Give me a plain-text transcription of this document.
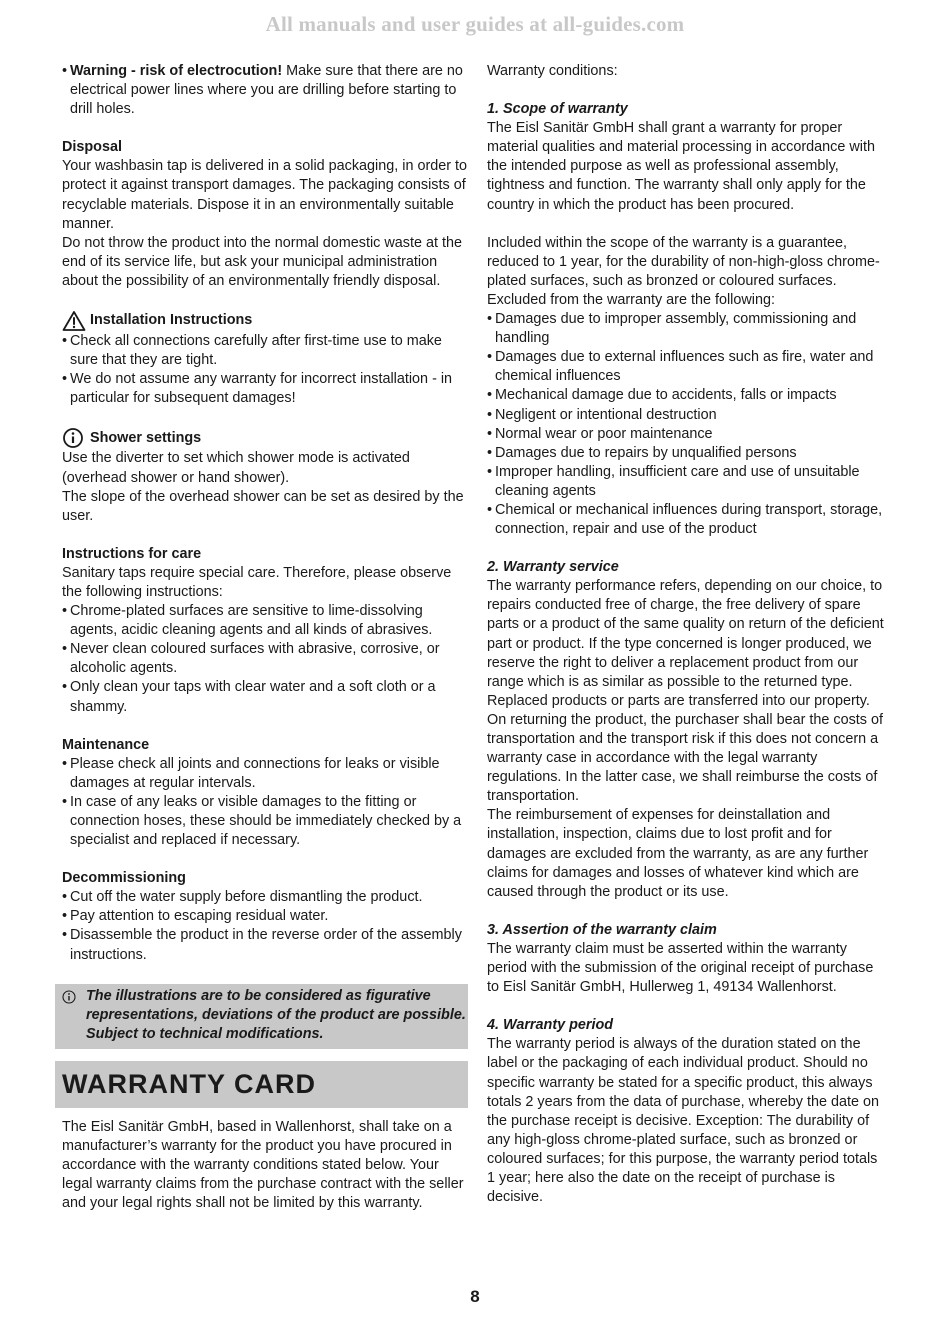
All manuals and user guides at all-guides.com
• Warning - risk of electrocution! Make sure that there are no electrical power lines where you are drilling before starting to drill holes.

Disposal

Your washbasin tap is delivered in a solid packaging, in order to protect it against transport damages. The packaging consists of recyclable materials. Dispose it in an environmentally suitable manner.

Do not throw the product into the normal domestic waste at the end of its service life, but ask your municipal administration about the possibility of an environmentally friendly disposal.

Installation Instructions
• Check all connections carefully after first-time use to make sure that they are tight.
• We do not assume any warranty for incorrect installation - in particular for subsequent damages!
Shower settings

Use the diverter to set which shower mode is activated (overhead shower or hand shower).

The slope of the overhead shower can be set as desired by the user.

Instructions for care

Sanitary taps require special care. Therefore, please observe the following instructions:

• Chrome-plated surfaces are sensitive to lime-dissolving agents, acidic cleaning agents and all kinds of abrasives.
• Never clean coloured surfaces with abrasive, corrosive, or alcoholic agents.
• Only clean your taps with clear water and a soft cloth or a shammy.

Maintenance

• Please check all joints and connections for leaks or visible damages at regular intervals.
• In case of any leaks or visible damages to the fitting or connection hoses, these should be immediately checked by a specialist and replaced if necessary.

Decommissioning

• Cut off the water supply before dismantling the product.
• Pay attention to escaping residual water.
• Disassemble the product in the reverse order of the assembly instructions.

The illustrations are to be considered as figurative representations, deviations of the product are possible. Subject to technical modifications.

WARRANTY CARD

The Eisl Sanitär GmbH, based in Wallenhorst, shall take on a manufacturer’s warranty for the product you have procured in accordance with the warranty conditions stated below. Your legal warranty claims from the purchase contract with the seller and your legal rights shall not be limited by this warranty.

Warranty conditions:

1. Scope of warranty

The Eisl Sanitär GmbH shall grant a warranty for proper material qualities and material processing in accordance with the intended purpose as well as professional assembly, tightness and function. The warranty shall only apply for the country in which the product has been procured.

Included within the scope of the warranty is a guarantee, reduced to 1 year, for the durability of non-high-gloss chrome-plated surfaces, such as bronzed or coloured surfaces.

Excluded from the warranty are the following:

• Damages due to improper assembly, commissioning and handling
• Damages due to external influences such as fire, water and chemical influences
• Mechanical damage due to accidents, falls or impacts
• Negligent or intentional destruction
• Normal wear or poor maintenance
• Damages due to repairs by unqualified persons
• Improper handling, insufficient care and use of unsuitable cleaning agents
• Chemical or mechanical influences during transport, storage, connection, repair and use of the product

2. Warranty service

The warranty performance refers, depending on our choice, to repairs conducted free of charge, the free delivery of spare parts or a product of the same quality on return of the deficient part or product. If the type concerned is longer produced, we reserve the right to deliver a replacement product from our range which is as similar as possible to the returned type.

Replaced products or parts are transferred into our property. On returning the product, the purchaser shall bear the costs of transportation and the transport risk if this does not concern a warranty case in accordance with the legal warranty regulations. In the latter case, we shall reimburse the costs of transportation.

The reimbursement of expenses for deinstallation and installation, inspection, claims due to lost profit and for damages are excluded from the warranty, as are any further claims for damages and losses of whatever kind which are caused through the product or its use.

3. Assertion of the warranty claim

The warranty claim must be asserted within the warranty period with the submission of the original receipt of purchase to Eisl Sanitär GmbH, Hullerweg 1, 49134 Wallenhorst.

4. Warranty period

The warranty period is always of the duration stated on the label or the packaging of each individual product. Should no specific warranty be stated for a specific product, this always totals 2 years from the data of purchase, whereby the date on the purchase receipt is decisive. Exception: The durability of any high-gloss chrome-plated surface, such as bronzed or coloured surfaces; for this purpose, the warranty period totals 1 year; here also the date on the receipt of purchase is decisive.

8
